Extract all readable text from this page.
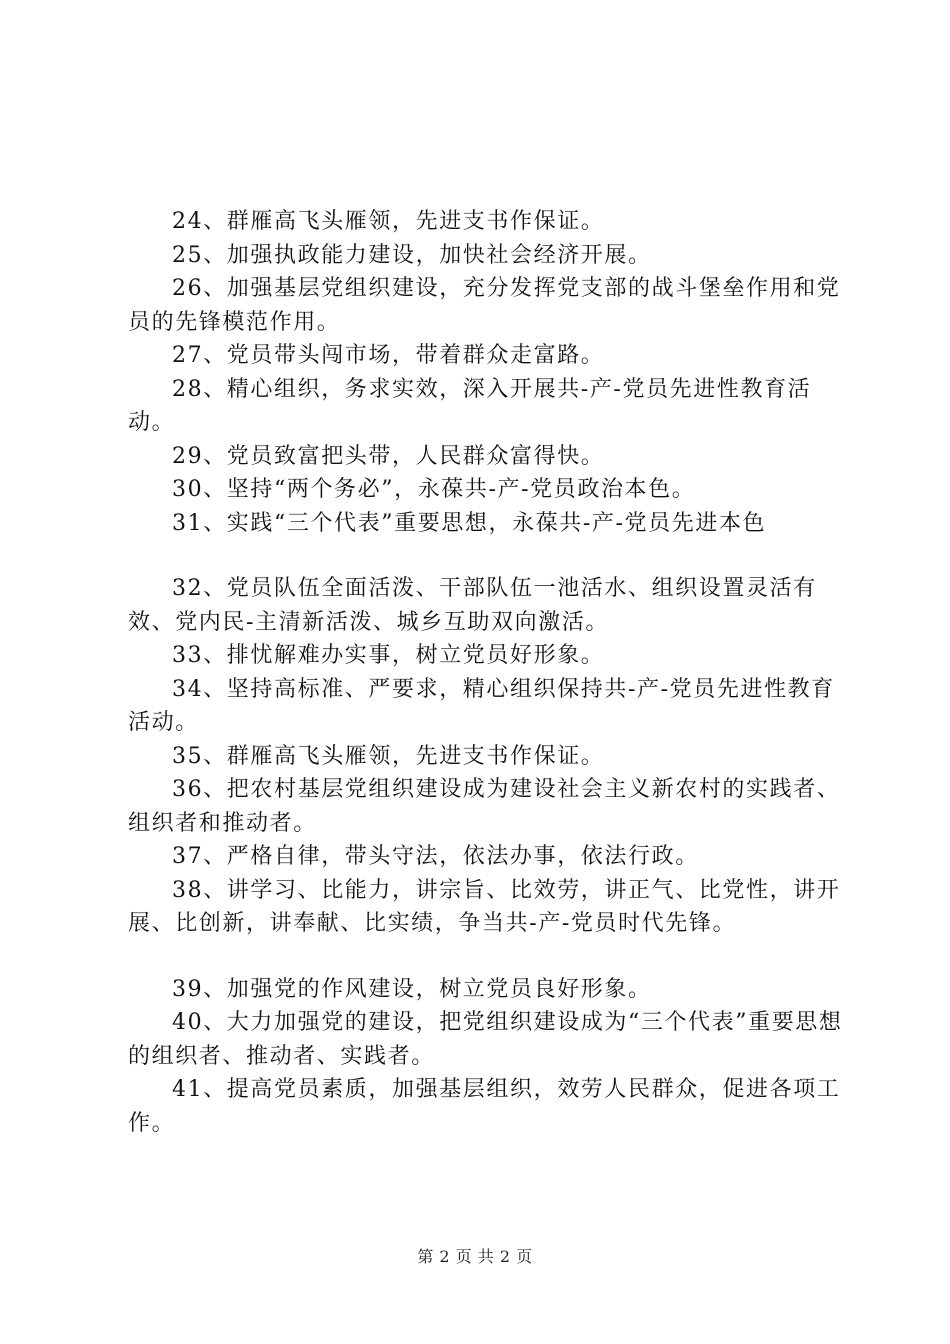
24、群雁高飞头雁领，先进支书作保证。

25、加强执政能力建设，加快社会经济开展。

26、加强基层党组织建设，充分发挥党支部的战斗堡垒作用和党员的先锋模范作用。

27、党员带头闯市场，带着群众走富路。

28、精心组织，务求实效，深入开展共-产-党员先进性教育活动。

29、党员致富把头带，人民群众富得快。

30、坚持“两个务必”，永葆共-产-党员政治本色。

31、实践“三个代表”重要思想，永葆共-产-党员先进本色

32、党员队伍全面活泼、干部队伍一池活水、组织设置灵活有效、党内民-主清新活泼、城乡互助双向激活。

33、排忧解难办实事，树立党员好形象。

34、坚持高标准、严要求，精心组织保持共-产-党员先进性教育活动。

35、群雁高飞头雁领，先进支书作保证。

36、把农村基层党组织建设成为建设社会主义新农村的实践者、组织者和推动者。

37、严格自律，带头守法，依法办事，依法行政。

38、讲学习、比能力，讲宗旨、比效劳，讲正气、比党性，讲开展、比创新，讲奉献、比实绩，争当共-产-党员时代先锋。

39、加强党的作风建设，树立党员良好形象。

40、大力加强党的建设，把党组织建设成为“三个代表”重要思想的组织者、推动者、实践者。

41、提高党员素质，加强基层组织，效劳人民群众，促进各项工作。

第 2 页 共 2 页
